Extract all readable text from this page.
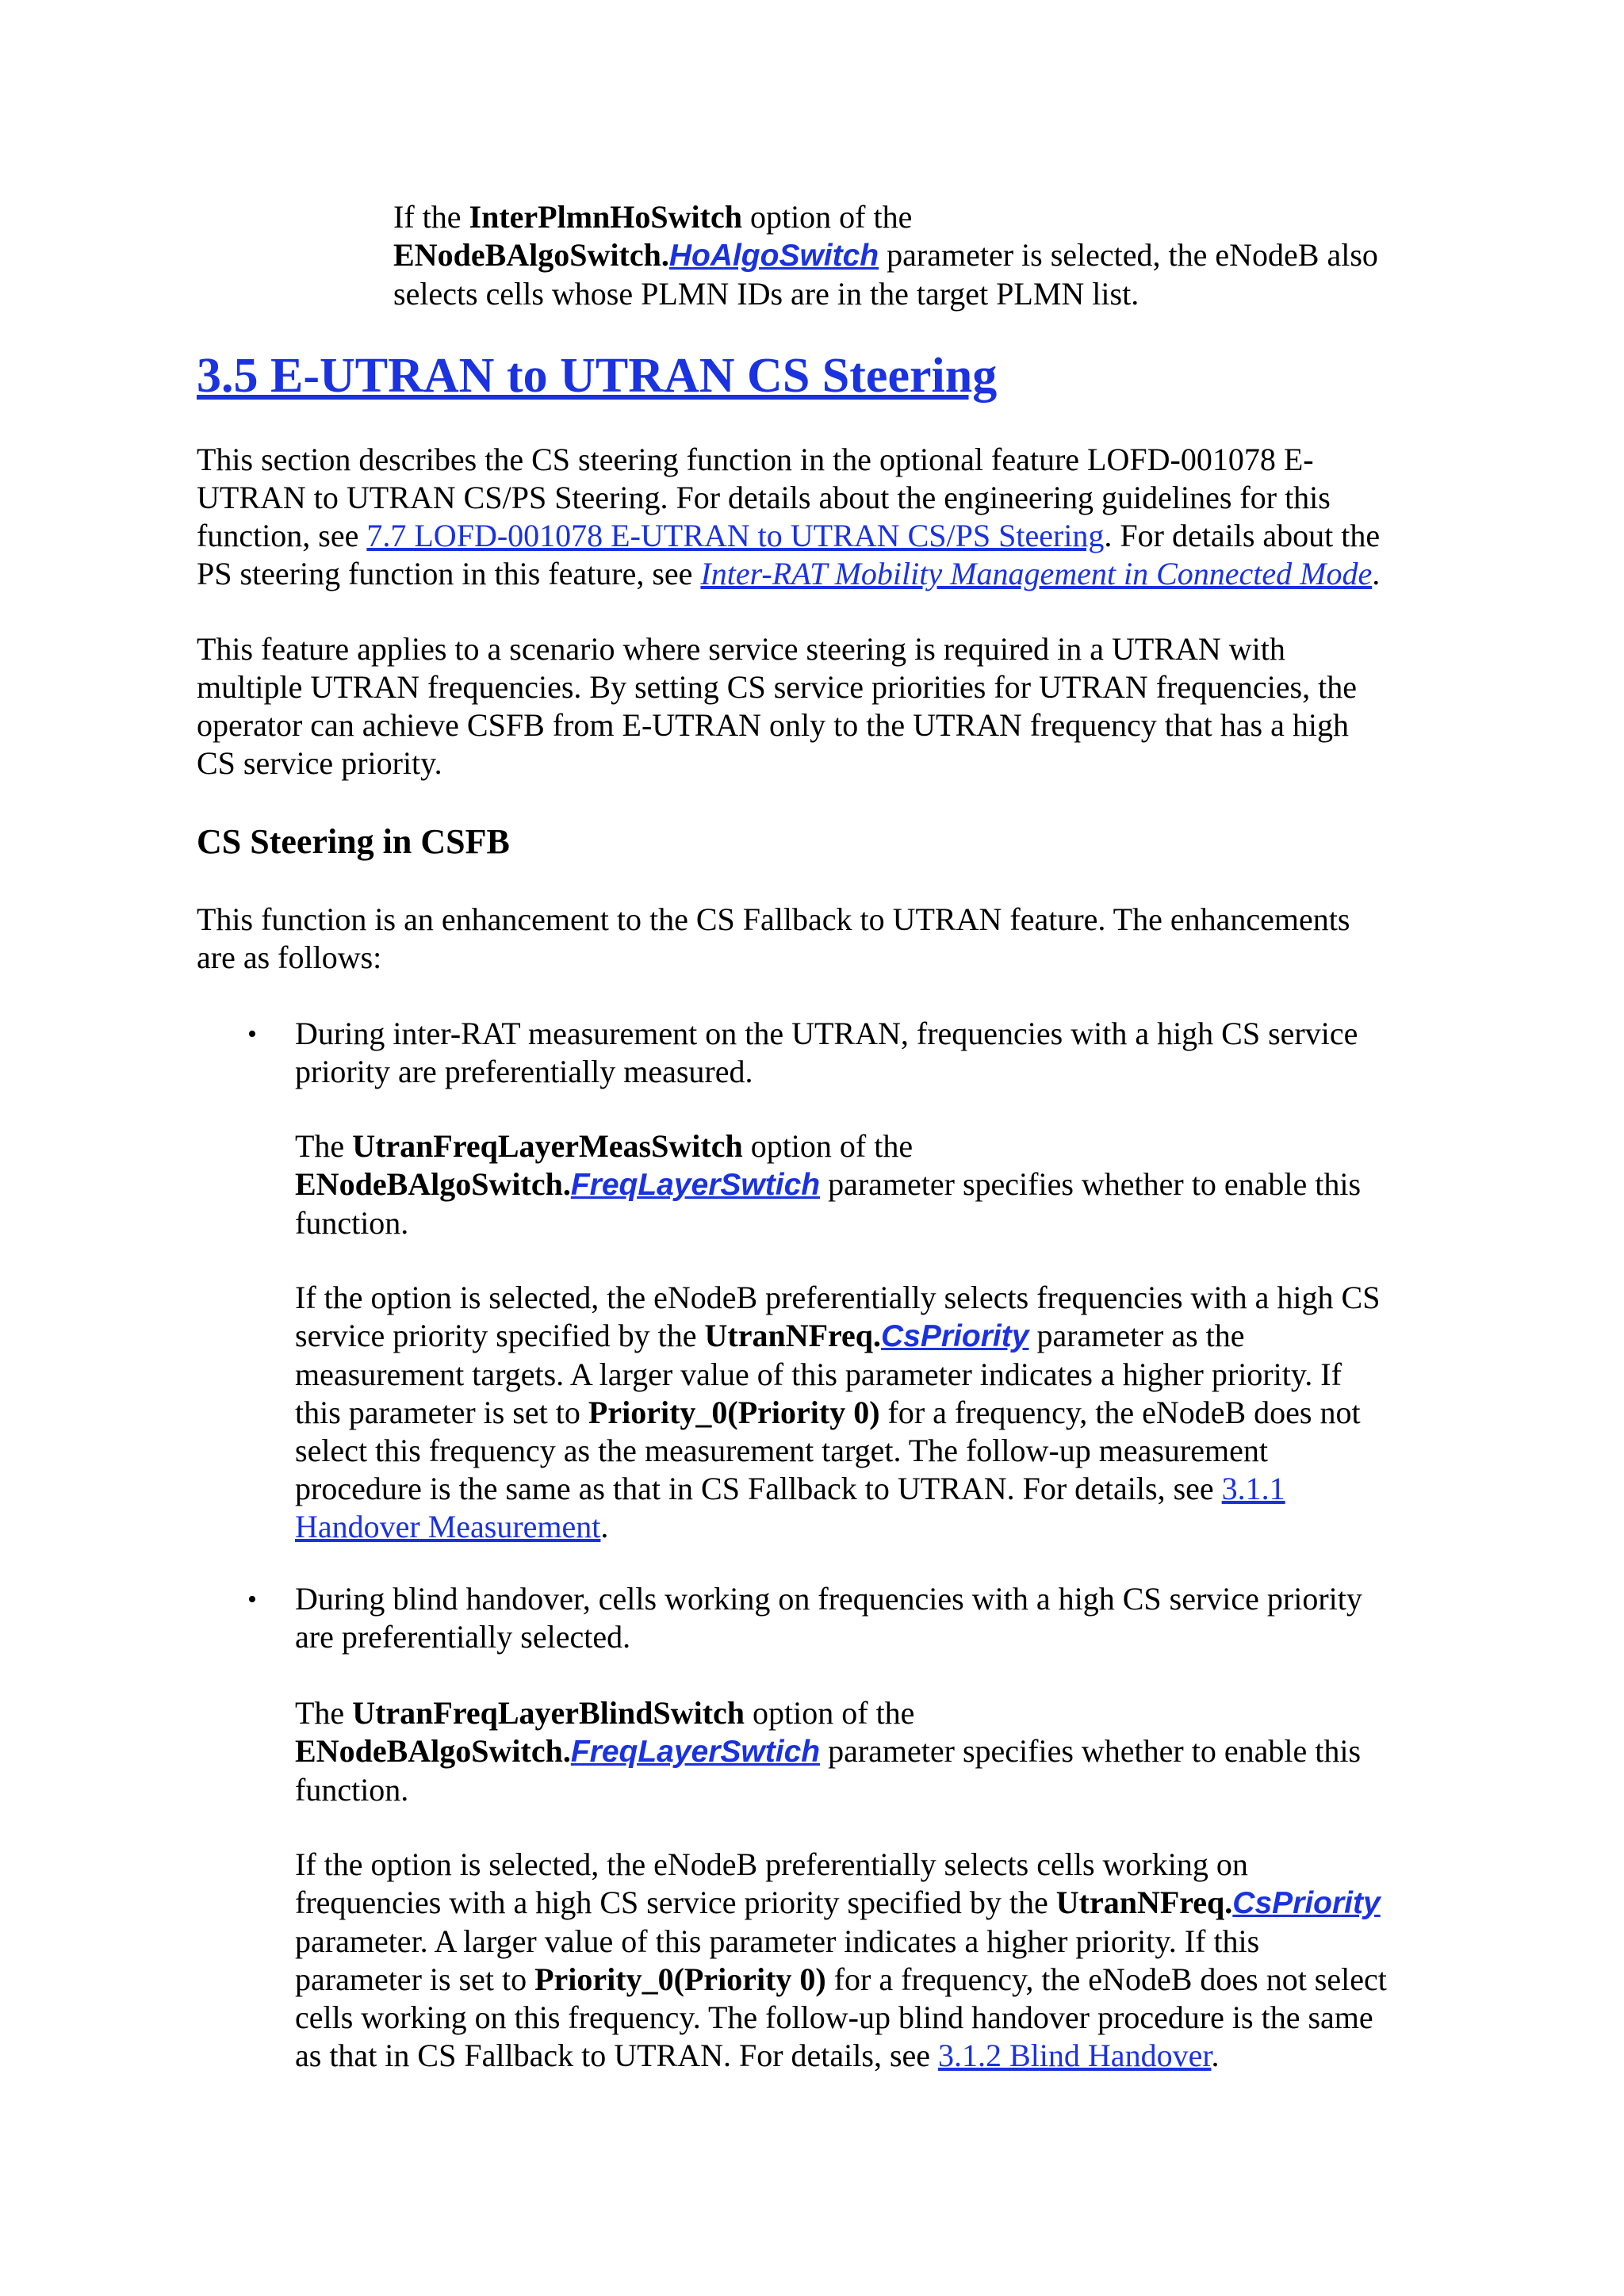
If the InterPlmnHoSwitch option of the
ENodeBAlgoSwitch.HoAlgoSwitch parameter is selected, the eNodeB also
selects cells whose PLMN IDs are in the target PLMN list.
3.5 E-UTRAN to UTRAN CS Steering
This section describes the CS steering function in the optional feature LOFD-001078 E-
UTRAN to UTRAN CS/PS Steering. For details about the engineering guidelines for this
function, see 7.7 LOFD-001078 E-UTRAN to UTRAN CS/PS Steering. For details about the
PS steering function in this feature, see Inter-RAT Mobility Management in Connected Mode.
This feature applies to a scenario where service steering is required in a UTRAN with
multiple UTRAN frequencies. By setting CS service priorities for UTRAN frequencies, the
operator can achieve CSFB from E-UTRAN only to the UTRAN frequency that has a high
CS service priority.
CS Steering in CSFB
This function is an enhancement to the CS Fallback to UTRAN feature. The enhancements
are as follows:
• During inter-RAT measurement on the UTRAN, frequencies with a high CS service
priority are preferentially measured.
The UtranFreqLayerMeasSwitch option of the
ENodeBAlgoSwitch.FreqLayerSwtich parameter specifies whether to enable this
function.
If the option is selected, the eNodeB preferentially selects frequencies with a high CS
service priority specified by the UtranNFreq.CsPriority parameter as the
measurement targets. A larger value of this parameter indicates a higher priority. If
this parameter is set to Priority_0(Priority 0) for a frequency, the eNodeB does not
select this frequency as the measurement target. The follow-up measurement
procedure is the same as that in CS Fallback to UTRAN. For details, see 3.1.1
Handover Measurement.
• During blind handover, cells working on frequencies with a high CS service priority
are preferentially selected.
The UtranFreqLayerBlindSwitch option of the
ENodeBAlgoSwitch.FreqLayerSwtich parameter specifies whether to enable this
function.
If the option is selected, the eNodeB preferentially selects cells working on
frequencies with a high CS service priority specified by the UtranNFreq.CsPriority
parameter. A larger value of this parameter indicates a higher priority. If this
parameter is set to Priority_0(Priority 0) for a frequency, the eNodeB does not select
cells working on this frequency. The follow-up blind handover procedure is the same
as that in CS Fallback to UTRAN. For details, see 3.1.2 Blind Handover.
